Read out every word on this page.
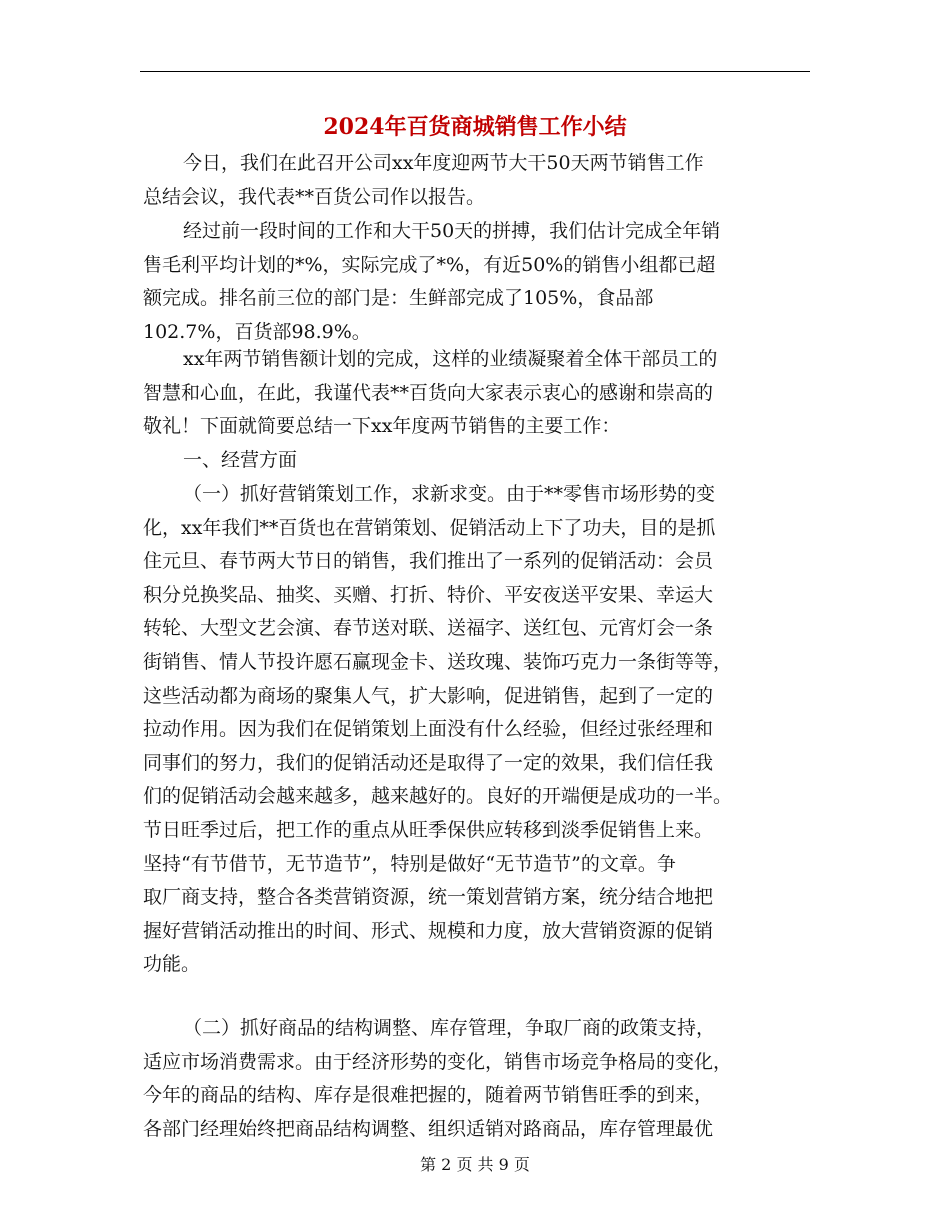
2024年百货商城销售工作小结
今日，我们在此召开公司xx年度迎两节大干50天两节销售工作
总结会议，我代表**百货公司作以报告。
经过前一段时间的工作和大干50天的拼搏，我们估计完成全年销
售毛利平均计划的*%，实际完成了*%，有近50%的销售小组都已超
额完成。排名前三位的部门是：生鲜部完成了105%，食品部
102.7%，百货部98.9%。
xx年两节销售额计划的完成，这样的业绩凝聚着全体干部员工的
智慧和心血，在此，我谨代表**百货向大家表示衷心的感谢和崇高的
敬礼！下面就简要总结一下xx年度两节销售的主要工作：
一、经营方面
（一）抓好营销策划工作，求新求变。由于**零售市场形势的变
化，xx年我们**百货也在营销策划、促销活动上下了功夫，目的是抓
住元旦、春节两大节日的销售，我们推出了一系列的促销活动：会员
积分兑换奖品、抽奖、买赠、打折、特价、平安夜送平安果、幸运大
转轮、大型文艺会演、春节送对联、送福字、送红包、元宵灯会一条
街销售、情人节投许愿石赢现金卡、送玫瑰、装饰巧克力一条街等等，
这些活动都为商场的聚集人气，扩大影响，促进销售，起到了一定的
拉动作用。因为我们在促销策划上面没有什么经验，但经过张经理和
同事们的努力，我们的促销活动还是取得了一定的效果，我们信任我
们的促销活动会越来越多，越来越好的。良好的开端便是成功的一半。
节日旺季过后，把工作的重点从旺季保供应转移到淡季促销售上来。
坚持“有节借节，无节造节”，特别是做好“无节造节”的文章。争
取厂商支持，整合各类营销资源，统一策划营销方案，统分结合地把
握好营销活动推出的时间、形式、规模和力度，放大营销资源的促销
功能。
（二）抓好商品的结构调整、库存管理，争取厂商的政策支持，
适应市场消费需求。由于经济形势的变化，销售市场竞争格局的变化，
今年的商品的结构、库存是很难把握的，随着两节销售旺季的到来，
各部门经理始终把商品结构调整、组织适销对路商品，库存管理最优
第 2 页 共 9 页
